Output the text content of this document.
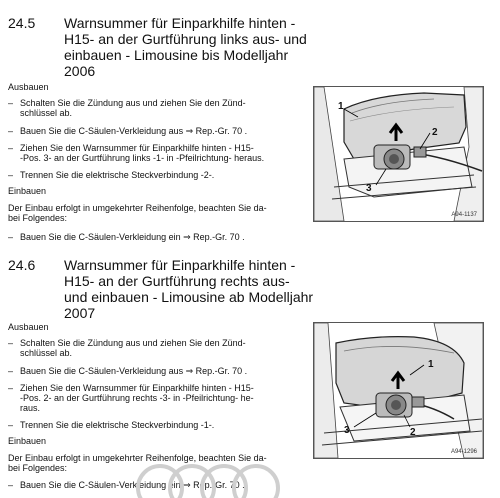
24.5 Warnsummer für Einparkhilfe hinten -
H15- an der Gurtführung links aus- und
einbauen - Limousine bis Modelljahr
2006
Ausbauen
– Schalten Sie die Zündung aus und ziehen Sie den Zünd-
schlüssel ab.
– Bauen Sie die C-Säulen-Verkleidung aus ⇒ Rep.-Gr. 70 .
– Ziehen Sie den Warnsummer für Einparkhilfe hinten - H15-
-Pos. 3- an der Gurtführung links -1- in -Pfeilrichtung- heraus.
– Trennen Sie die elektrische Steckverbindung -2-.
Einbauen
Der Einbau erfolgt in umgekehrter Reihenfolge, beachten Sie da-
bei Folgendes:
– Bauen Sie die C-Säulen-Verkleidung ein ⇒ Rep.-Gr. 70 .
1
2
3
A94-1137
24.6 Warnsummer für Einparkhilfe hinten -
H15- an der Gurtführung rechts aus-
und einbauen - Limousine ab Modelljahr
2007
Ausbauen
– Schalten Sie die Zündung aus und ziehen Sie den Zünd-
schlüssel ab.
– Bauen Sie die C-Säulen-Verkleidung aus ⇒ Rep.-Gr. 70 .
– Ziehen Sie den Warnsummer für Einparkhilfe hinten - H15-
-Pos. 2- an der Gurtführung rechts -3- in -Pfeilrichtung- he-
raus.
– Trennen Sie die elektrische Steckverbindung -1-.
Einbauen
Der Einbau erfolgt in umgekehrter Reihenfolge, beachten Sie da-
bei Folgendes:
– Bauen Sie die C-Säulen-Verkleidung ein ⇒ Rep.-Gr. 70 .
1
2
3
A94-1296
